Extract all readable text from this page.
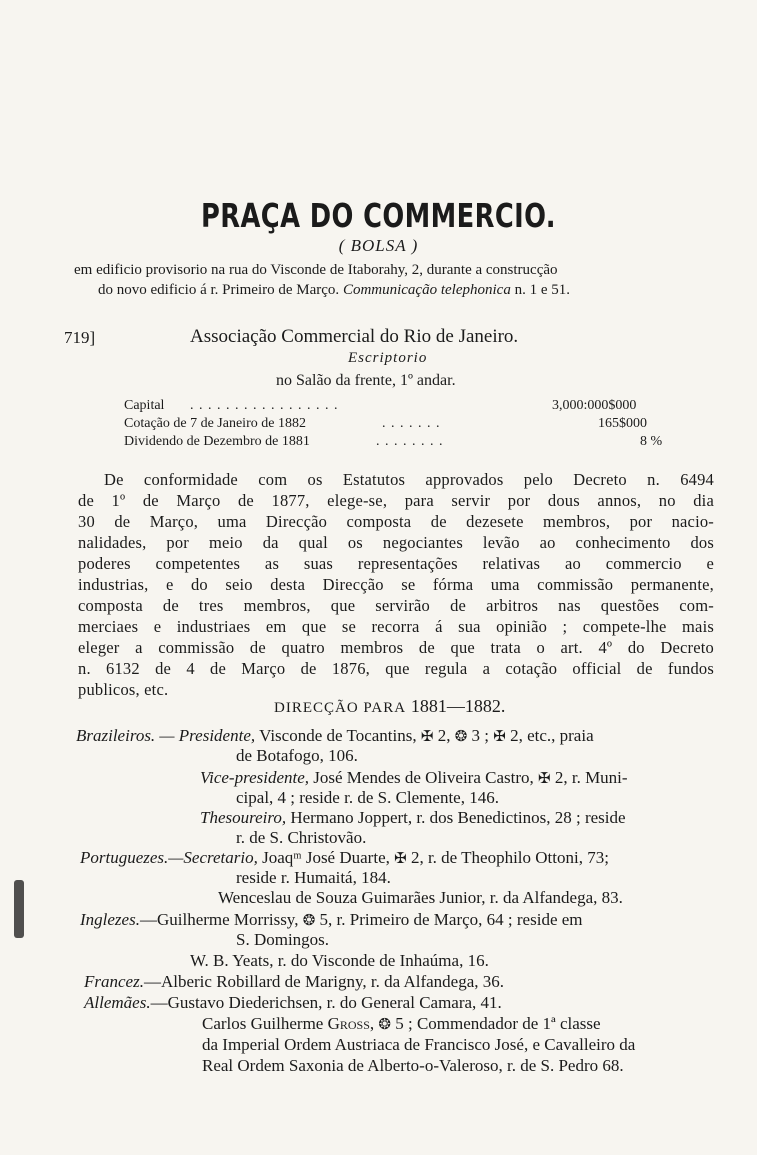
PRAÇA DO COMMERCIO.
( BOLSA )
em edificio provisorio na rua do Visconde de Itaborahy, 2, durante a construcção
do novo edificio á r. Primeiro de Março. Communicação telephonica n. 1 e 51.
719]	Associação Commercial do Rio de Janeiro.
Escriptorio
no Salão da frente, 1º andar.
Capital . . . . . . . . . . . . . . . . .	3,000:000$000
Cotação de 7 de Janeiro de 1882	. . . . . . .	165$000
Dividendo de Dezembro de 1881	. . . . . . . .	8 %
De conformidade com os Estatutos approvados pelo Decreto n. 6494
de 1º de Março de 1877, elege-se, para servir por dous annos, no dia
30 de Março, uma Direcção composta de dezesete membros, por nacio-
nalidades, por meio da qual os negociantes levão ao conhecimento dos
poderes competentes as suas representações relativas ao commercio e
industrias, e do seio desta Direcção se fórma uma commissão permanente,
composta de tres membros, que servirão de arbitros nas questões com-
merciaes e industriaes em que se recorra á sua opinião ; compete-lhe mais
eleger a commissão de quatro membros de que trata o art. 4º do Decreto
n. 6132 de 4 de Março de 1876, que regula a cotação official de fundos
publicos, etc.
DIRECÇÃO PARA 1881—1882.
Brazileiros. — Presidente, Visconde de Tocantins, ✠ 2, ❂ 3 ; ✠ 2, etc., praia
de Botafogo, 106.
Vice-presidente, José Mendes de Oliveira Castro, ✠ 2, r. Muni-
cipal, 4 ; reside r. de S. Clemente, 146.
Thesoureiro, Hermano Joppert, r. dos Benedictinos, 28 ; reside
r. de S. Christovão.
Portuguezes.—Secretario, Joaqᵐ José Duarte, ✠ 2, r. de Theophilo Ottoni, 73;
reside r. Humaitá, 184.
Wenceslau de Souza Guimarães Junior, r. da Alfandega, 83.
Inglezes.—Guilherme Morrissy, ❂ 5, r. Primeiro de Março, 64 ; reside em
S. Domingos.
W. B. Yeats, r. do Visconde de Inhaúma, 16.
Francez.—Alberic Robillard de Marigny, r. da Alfandega, 36.
Allemães.—Gustavo Diederichsen, r. do General Camara, 41.
Carlos Guilherme Gross, ❂ 5 ; Commendador de 1ª classe
da Imperial Ordem Austriaca de Francisco José, e Cavalleiro da
Real Ordem Saxonia de Alberto-o-Valeroso, r. de S. Pedro 68.
